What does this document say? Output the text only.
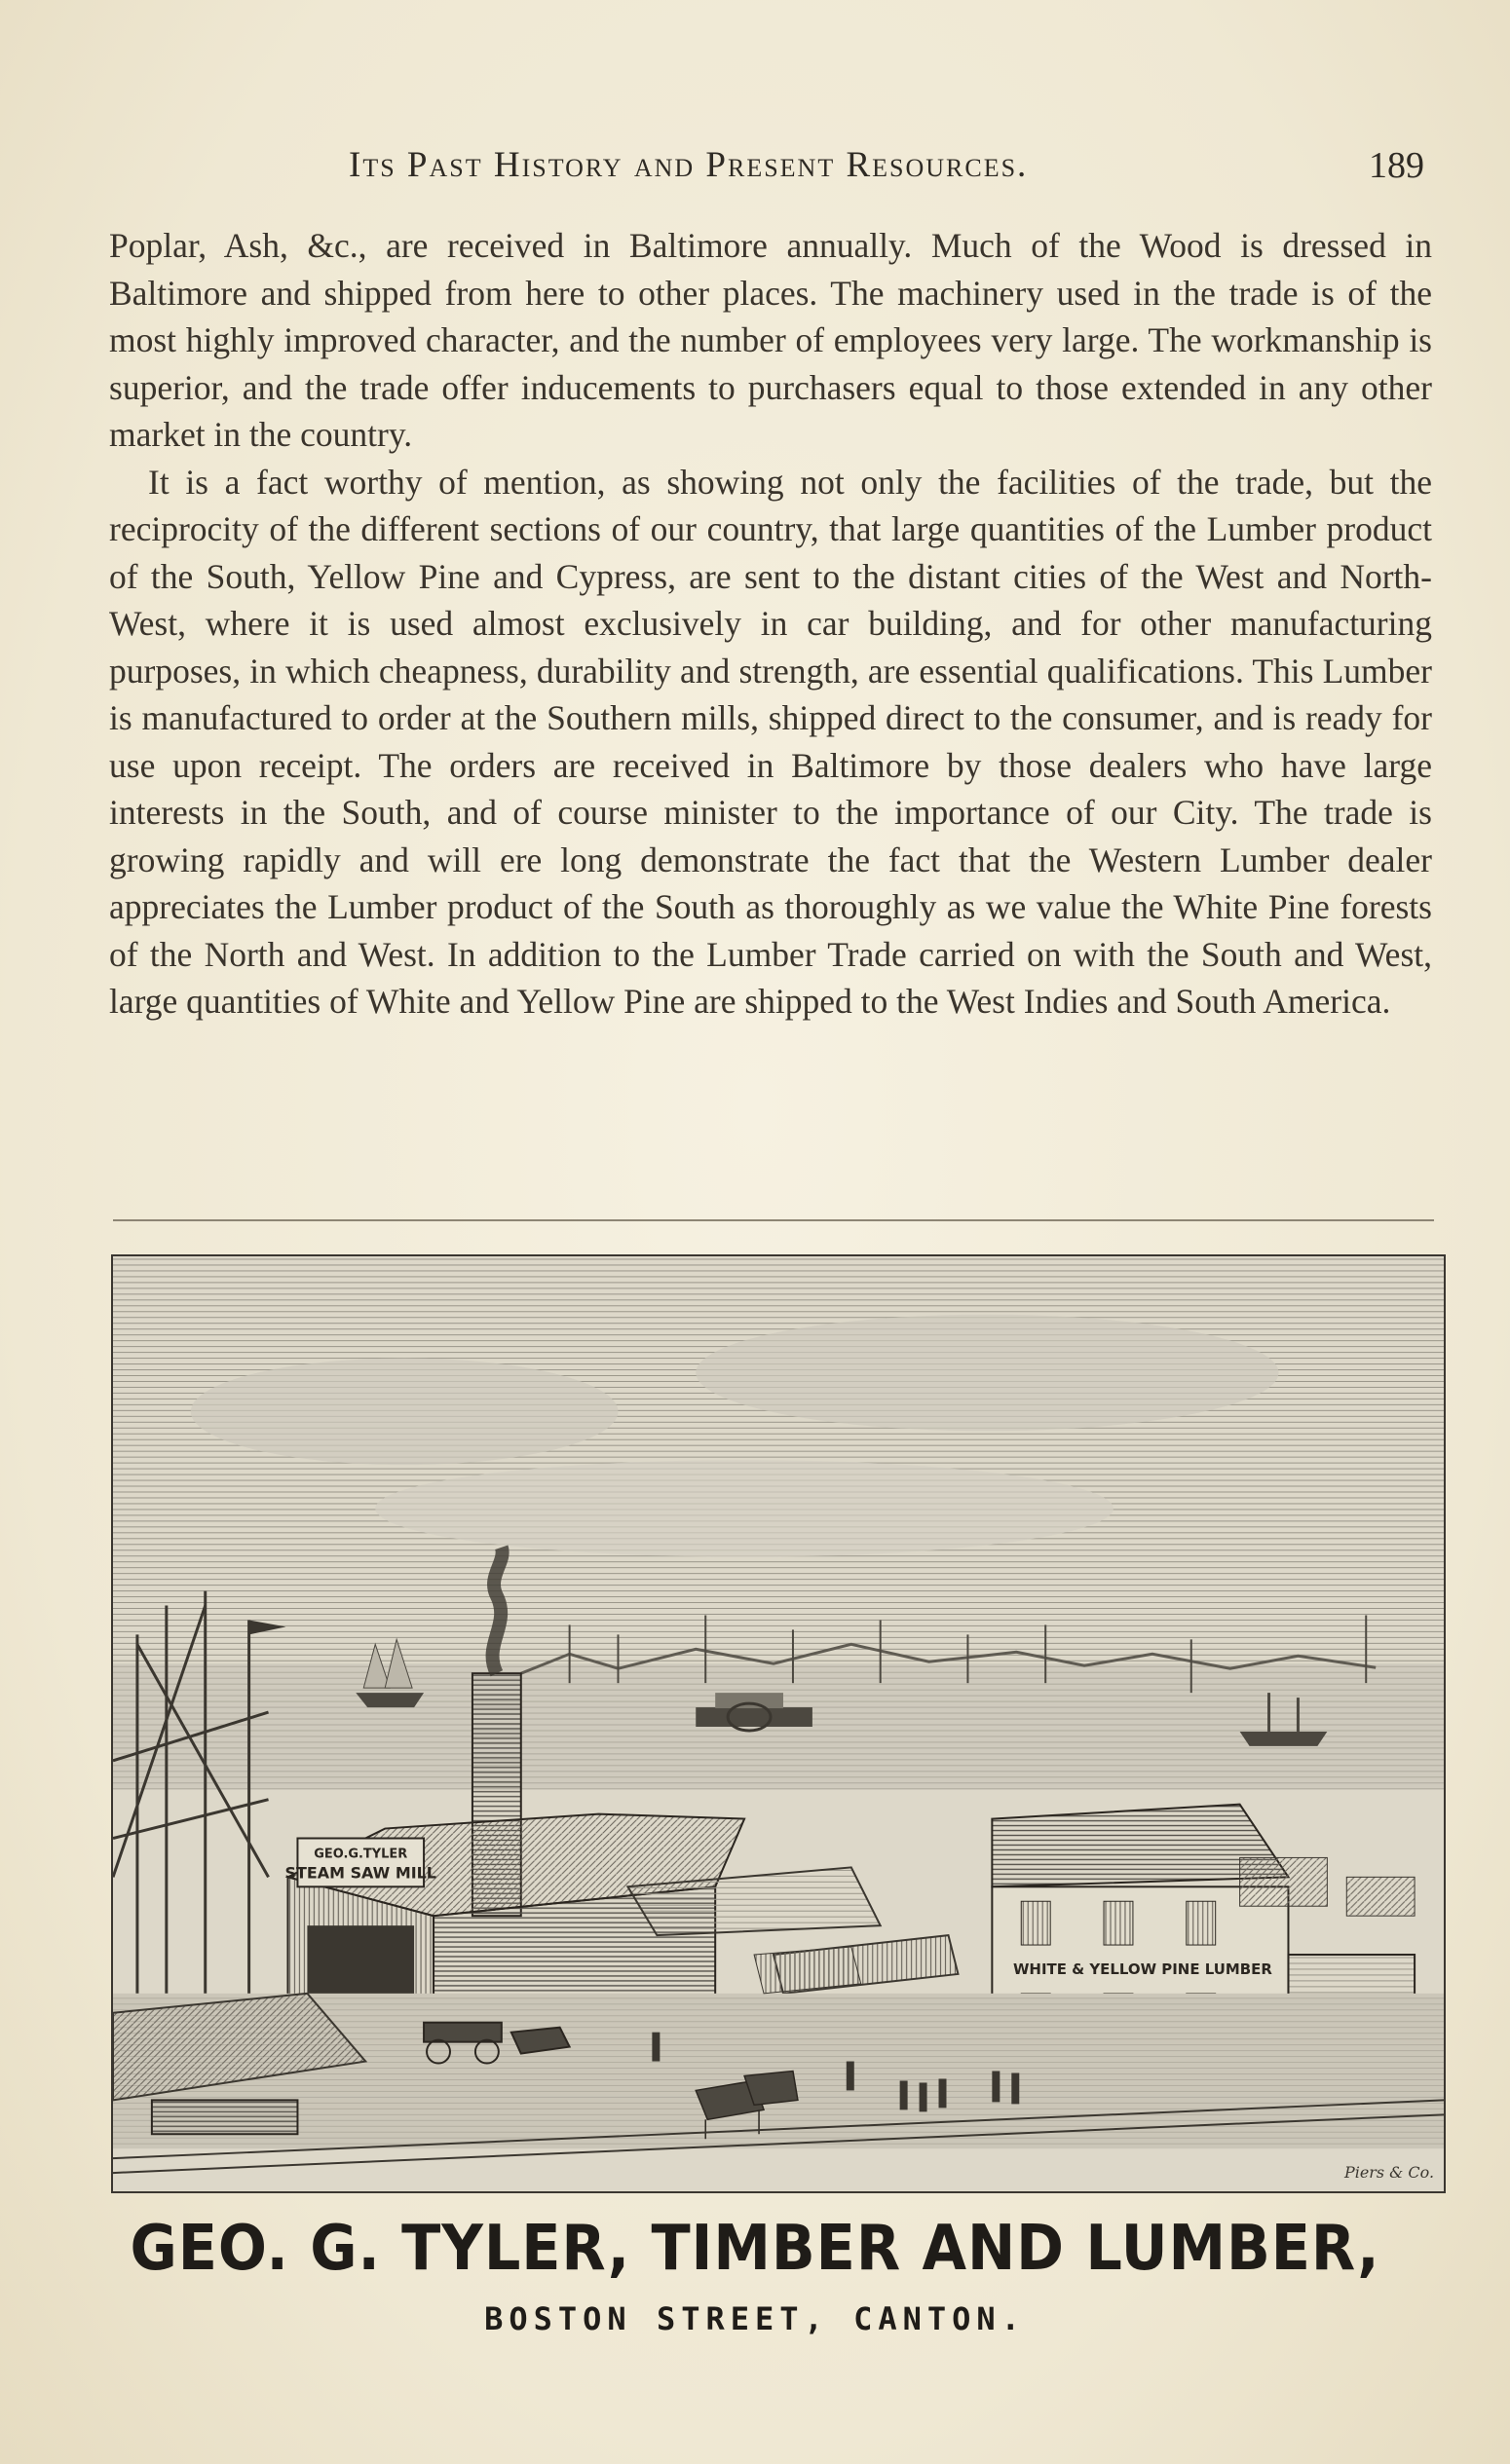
Its Past History and Present Resources.	189

Poplar, Ash, &c., are received in Baltimore annually. Much of the Wood is dressed in Baltimore and shipped from here to other places. The machinery used in the trade is of the most highly improved character, and the number of employees very large. The workmanship is superior, and the trade offer inducements to purchasers equal to those extended in any other market in the country.

It is a fact worthy of mention, as showing not only the facilities of the trade, but the reciprocity of the different sections of our country, that large quantities of the Lumber product of the South, Yellow Pine and Cypress, are sent to the distant cities of the West and North-West, where it is used almost exclusively in car building, and for other manufacturing purposes, in which cheapness, durability and strength, are essential qualifications. This Lumber is manufactured to order at the Southern mills, shipped direct to the consumer, and is ready for use upon receipt. The orders are received in Baltimore by those dealers who have large interests in the South, and of course minister to the importance of our City. The trade is growing rapidly and will ere long demonstrate the fact that the Western Lumber dealer appreciates the Lumber product of the South as thoroughly as we value the White Pine forests of the North and West. In addition to the Lumber Trade carried on with the South and West, large quantities of White and Yellow Pine are shipped to the West Indies and South America.

GEO.G.TYLER
STEAM SAW MILL
WHITE & YELLOW PINE LUMBER
Piers & Co.
GEO. G. TYLER, TIMBER AND LUMBER,
BOSTON STREET, CANTON.
